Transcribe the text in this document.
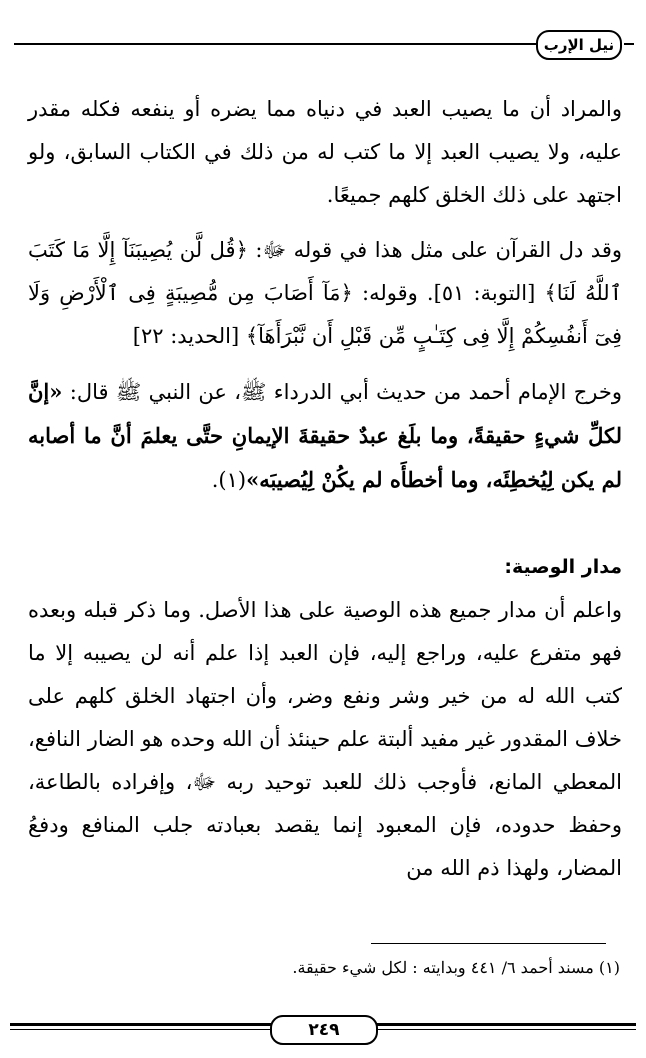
نيل الإرب

والمراد أن ما يصيب العبد في دنياه مما يضره أو ينفعه فكله مقدر عليه، ولا يصيب العبد إلا ما كتب له من ذلك في الكتاب السابق، ولو اجتهد على ذلك الخلق كلهم جميعًا.

وقد دل القرآن على مثل هذا في قوله ﷻ: ﴿قُل لَّن يُصِيبَنَآ إِلَّا مَا كَتَبَ ٱللَّهُ لَنَا﴾ [التوبة: ٥١]. وقوله: ﴿مَآ أَصَابَ مِن مُّصِيبَةٍ فِى ٱلْأَرْضِ وَلَا فِىٓ أَنفُسِكُمْ إِلَّا فِى كِتَـٰبٍ مِّن قَبْلِ أَن نَّبْرَأَهَآ﴾ [الحديد: ٢٢]

وخرج الإمام أحمد من حديث أبي الدرداء ﷺ، عن النبي ﷺ قال: «إنَّ لكلِّ شيءٍ حقيقةً، وما بلَغ عبدٌ حقيقةَ الإيمانِ حتَّى يعلمَ أنَّ ما أصابه لم يكن لِيُخطِئَه، وما أخطأَه لم يكُنْ لِيُصيبَه»(١).

مدار الوصية:

واعلم أن مدار جميع هذه الوصية على هذا الأصل. وما ذكر قبله وبعده فهو متفرع عليه، وراجع إليه، فإن العبد إذا علم أنه لن يصيبه إلا ما كتب الله له من خير وشر ونفع وضر، وأن اجتهاد الخلق كلهم على خلاف المقدور غير مفيد ألبتة علم حينئذ أن الله وحده هو الضار النافع، المعطي المانع، فأوجب ذلك للعبد توحيد ربه ﷻ، وإفراده بالطاعة، وحفظ حدوده، فإن المعبود إنما يقصد بعبادته جلب المنافع ودفعُ المضار، ولهذا ذم الله من

(١) مسند أحمد ٦/ ٤٤١ وبدايته : لكل شيء حقيقة.
٢٤٩
